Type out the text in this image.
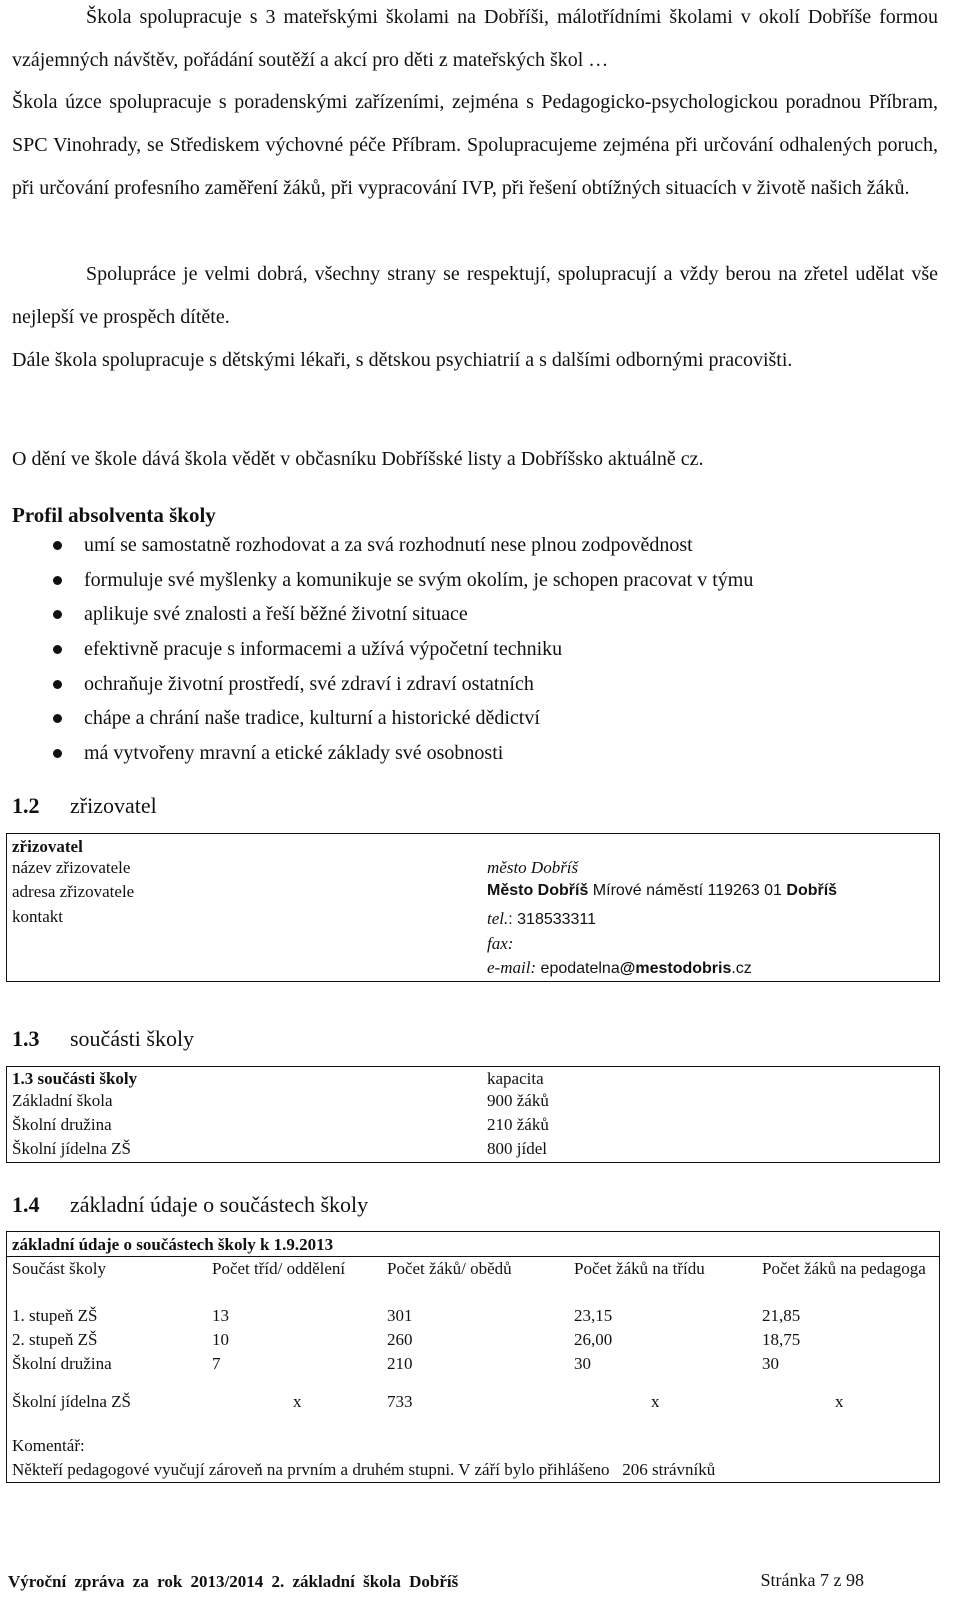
Škola spolupracuje s 3 mateřskými školami na Dobříši, málotřídními školami v okolí Dobříše formou vzájemných návštěv, pořádání soutěží a akcí pro děti z mateřských škol …

Škola úzce spolupracuje s poradenskými zařízeními, zejména s Pedagogicko-psychologickou poradnou Příbram, SPC Vinohrady, se Střediskem výchovné péče Příbram. Spolupracujeme zejména při určování odhalených poruch, při určování profesního zaměření žáků, při vypracování IVP, při řešení obtížných situacích v životě našich žáků.

Spolupráce je velmi dobrá, všechny strany se respektují, spolupracují a vždy berou na zřetel udělat vše nejlepší ve prospěch dítěte.

Dále škola spolupracuje s dětskými lékaři, s dětskou psychiatrií a s dalšími odbornými pracovišti.

O dění ve škole dává škola vědět v občasníku Dobříšské listy a Dobříšsko aktuálně cz.

Profil absolventa školy
umí se samostatně rozhodovat a za svá rozhodnutí nese plnou zodpovědnost
formuluje své myšlenky a komunikuje se svým okolím, je schopen pracovat v týmu
aplikuje své znalosti a řeší běžné životní situace
efektivně pracuje s informacemi a užívá výpočetní techniku
ochraňuje životní prostředí, své zdraví i zdraví ostatních
chápe a chrání naše tradice, kulturní a historické dědictví
má vytvořeny mravní a etické základy své osobnosti
1.2 zřizovatel
zřizovatel	
název zřizovatele	město Dobříš
adresa zřizovatele	Město Dobříš Mírové náměstí 119263 01 Dobříš
kontakt	tel.: 318533311
fax:
e-mail: epodatelna@mestodobris.cz
1.3 součásti školy
1.3 součásti školy	kapacita
Základní škola	900 žáků
Školní družina	210 žáků
Školní jídelna ZŠ	800 jídel
1.4 základní údaje o součástech školy
základní údaje o součástech školy k 1.9.2013				
Součást školy	Počet tříd/ oddělení	Počet žáků/ obědů	Počet žáků na třídu	Počet žáků na pedagoga
1. stupeň ZŠ	13	301	23,15	21,85
2. stupeň ZŠ	10	260	26,00	18,75
Školní družina	7	210	30	30
Školní jídelna ZŠ	x	733	x	x

Komentář:
Někteří pedagogové vyučují zároveň na prvním a druhém stupni. V září bylo přihlášeno   206 strávníků				
Výroční zpráva za rok 2013/2014 2. základní škola Dobříš	Stránka 7 z 98
